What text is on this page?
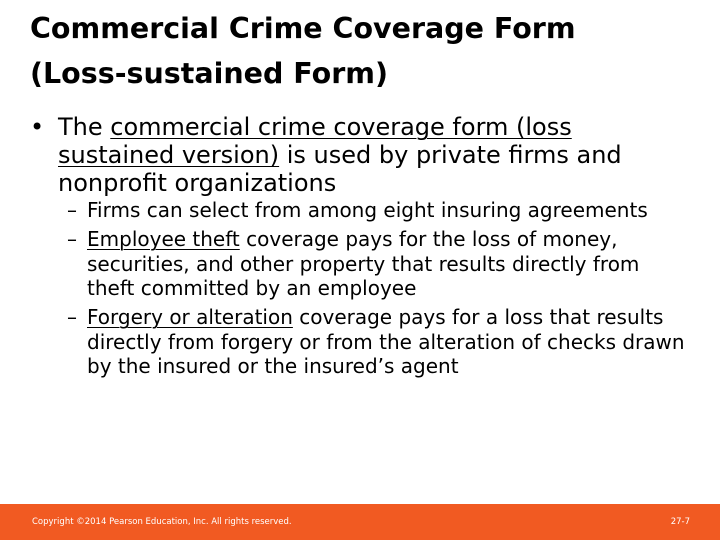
Commercial Crime Coverage Form
(Loss-sustained Form)
• The commercial crime coverage form (loss sustained version) is used by private firms and nonprofit organizations
– Firms can select from among eight insuring agreements
– Employee theft coverage pays for the loss of money, securities, and other property that results directly from theft committed by an employee
– Forgery or alteration coverage pays for a loss that results directly from forgery or from the alteration of checks drawn by the insured or the insured’s agent
Copyright ©2014 Pearson Education, Inc. All rights reserved.	27-7
